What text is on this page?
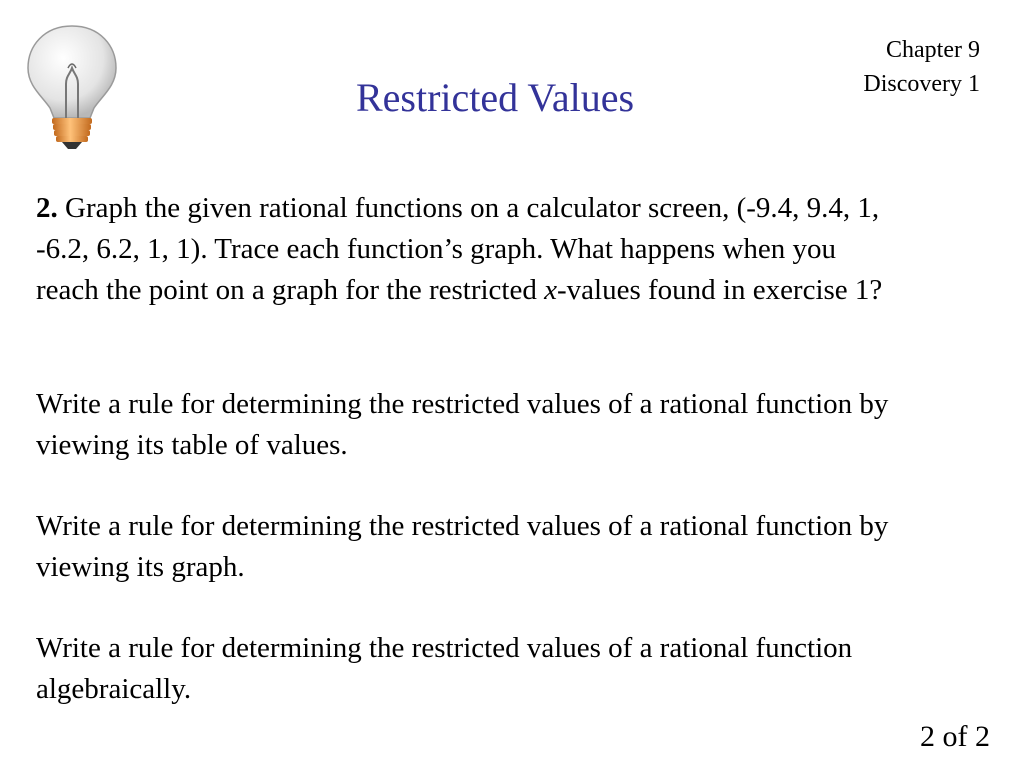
Chapter 9
Discovery 1
Restricted Values

2. Graph the given rational functions on a calculator screen, (-9.4, 9.4, 1, -6.2, 6.2, 1, 1). Trace each function’s graph. What happens when you reach the point on a graph for the restricted x-values found in exercise 1?

Write a rule for determining the restricted values of a rational function by viewing its table of values.

Write a rule for determining the restricted values of a rational function by viewing its graph.

Write a rule for determining the restricted values of a rational function algebraically.

2 of 2
